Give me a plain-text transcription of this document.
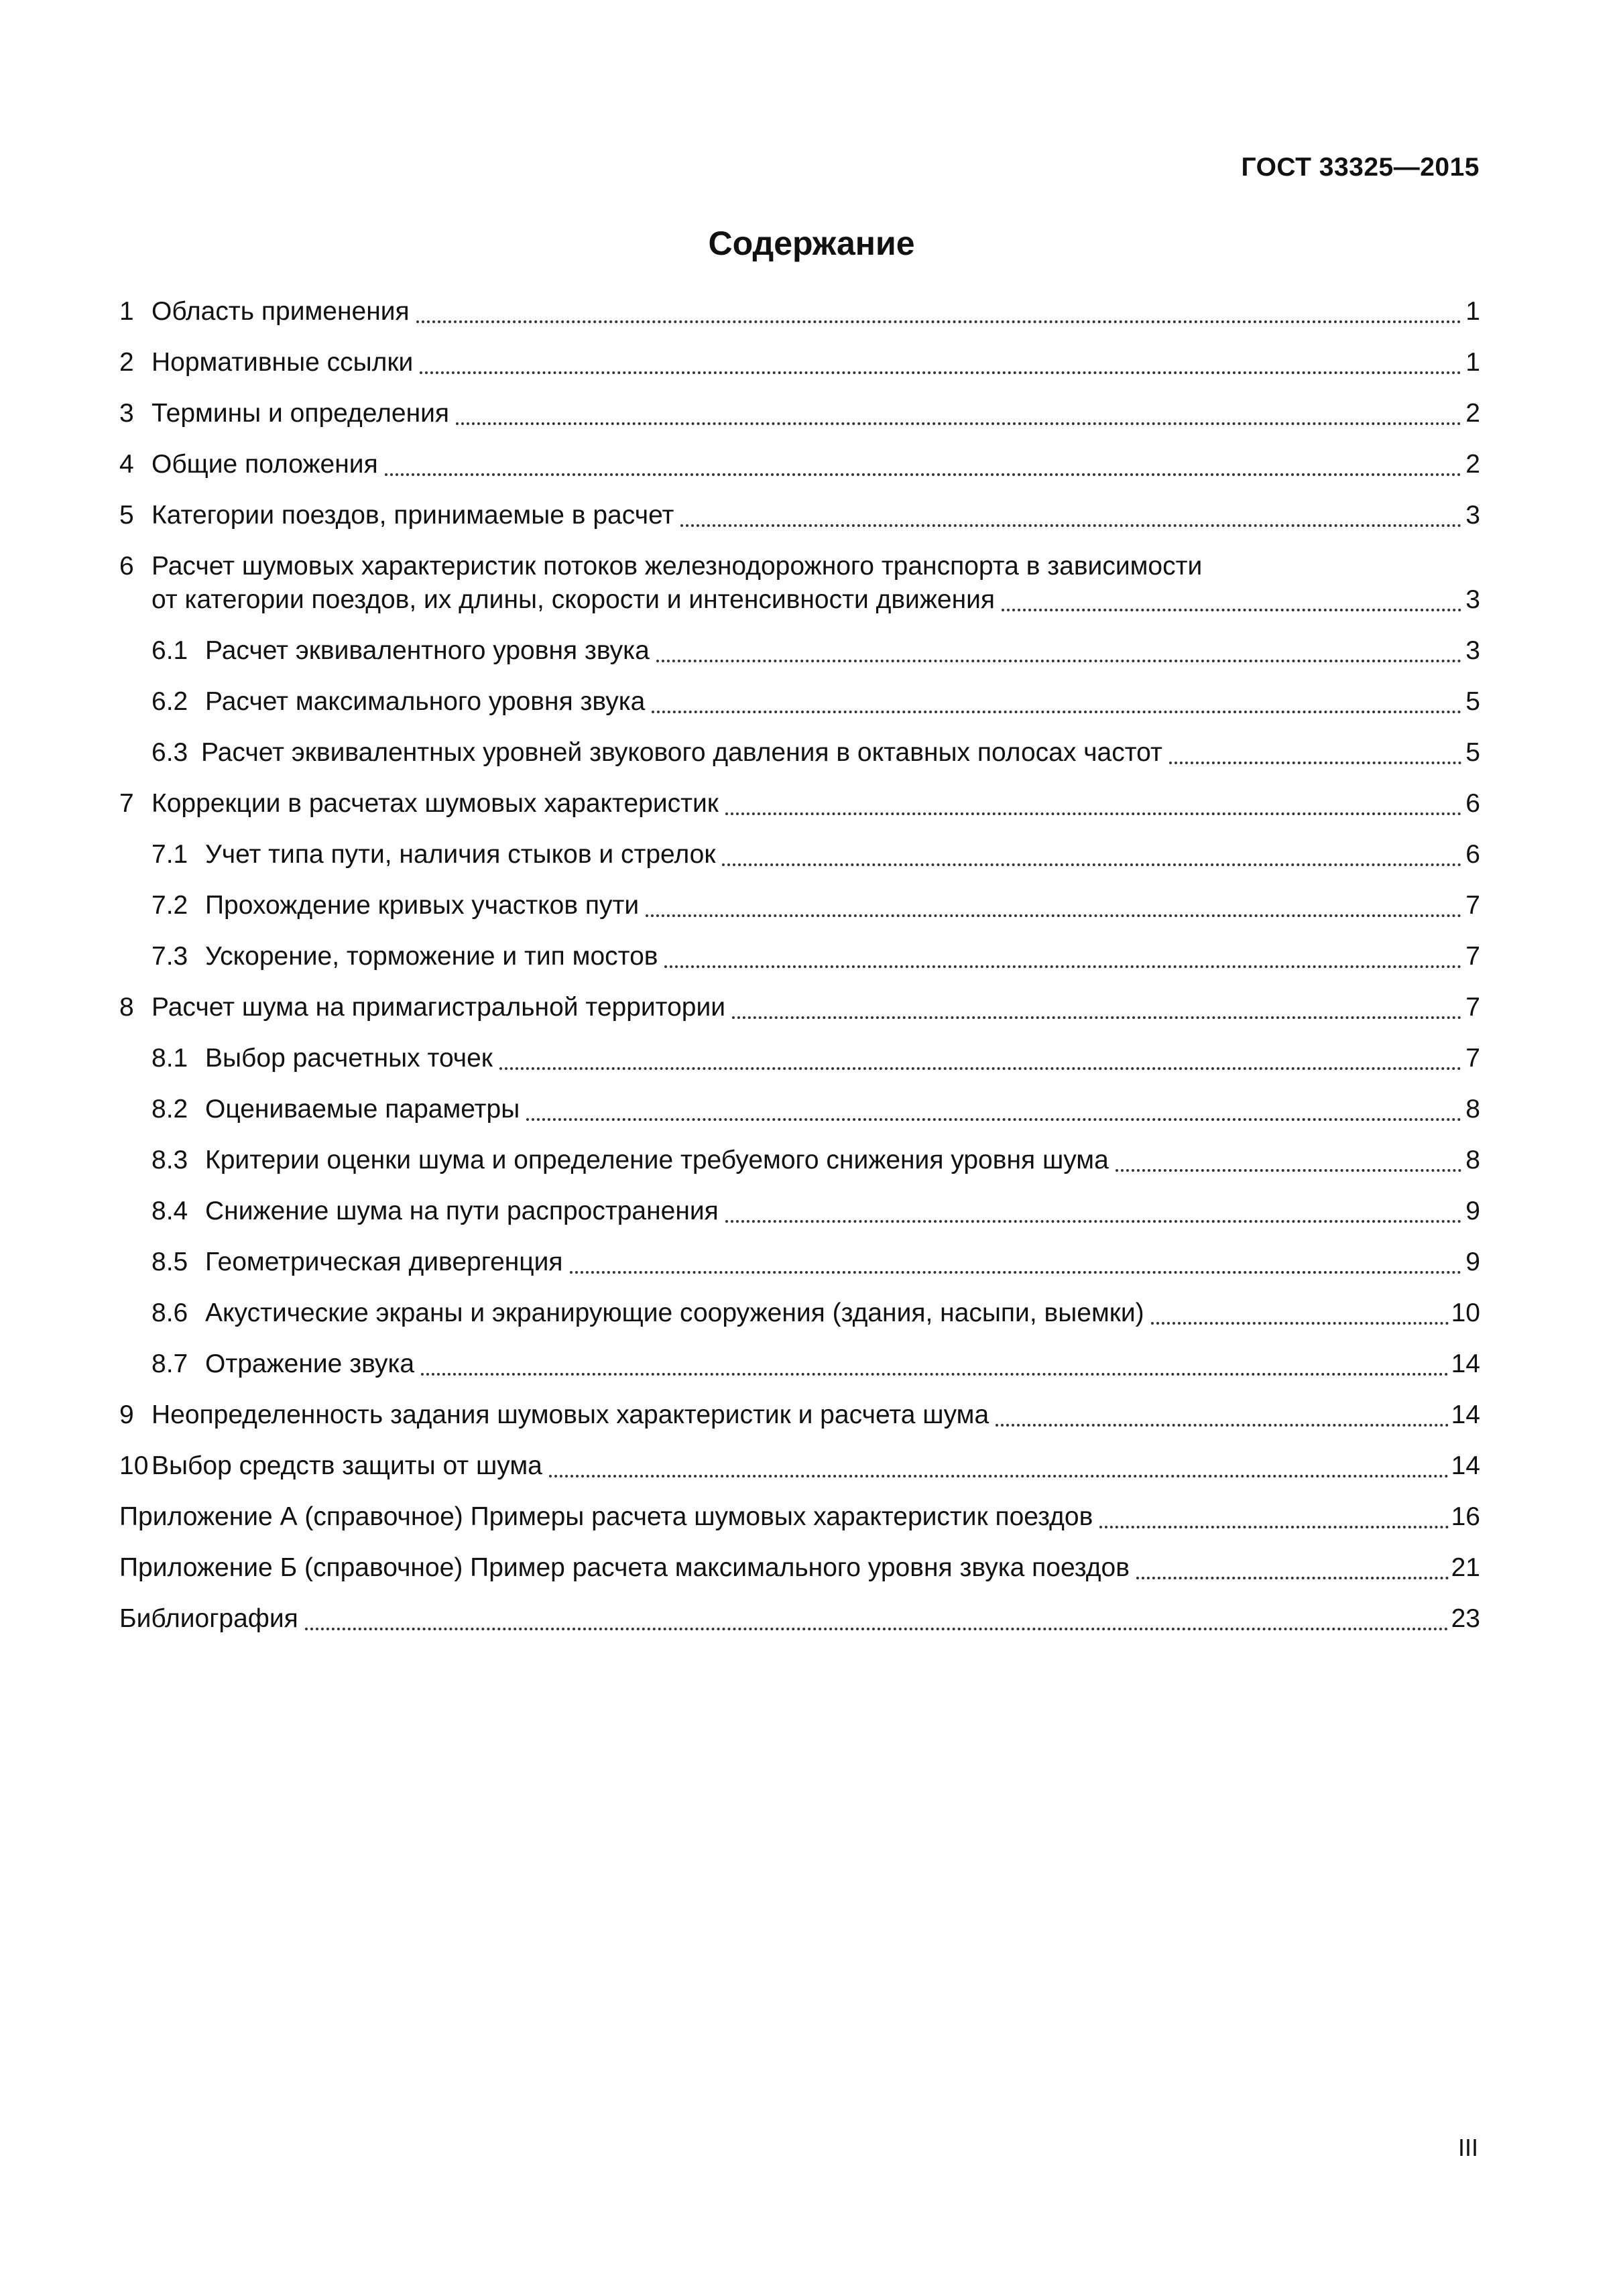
ГОСТ 33325—2015
Содержание
1 Область применения	1
2 Нормативные ссылки	1
3 Термины и определения	2
4 Общие положения	2
5 Категории поездов, принимаемые в расчет	3
6 Расчет шумовых характеристик потоков железнодорожного транспорта в зависимости
от категории поездов, их длины, скорости и интенсивности движения	3
6.1 Расчет эквивалентного уровня звука	3
6.2 Расчет максимального уровня звука	5
6.3 Расчет эквивалентных уровней звукового давления в октавных полосах частот	5
7 Коррекции в расчетах шумовых характеристик	6
7.1 Учет типа пути, наличия стыков и стрелок	6
7.2 Прохождение кривых участков пути	7
7.3 Ускорение, торможение и тип мостов	7
8 Расчет шума на примагистральной территории	7
8.1 Выбор расчетных точек	7
8.2 Оцениваемые параметры	8
8.3 Критерии оценки шума и определение требуемого снижения уровня шума	8
8.4 Снижение шума на пути распространения	9
8.5 Геометрическая дивергенция	9
8.6 Акустические экраны и экранирующие сооружения (здания, насыпи, выемки)	10
8.7 Отражение звука	14
9 Неопределенность задания шумовых характеристик и расчета шума	14
10 Выбор средств защиты от шума	14
Приложение А (справочное) Примеры расчета шумовых характеристик поездов	16
Приложение Б (справочное) Пример расчета максимального уровня звука поездов	21
Библиография	23
III
